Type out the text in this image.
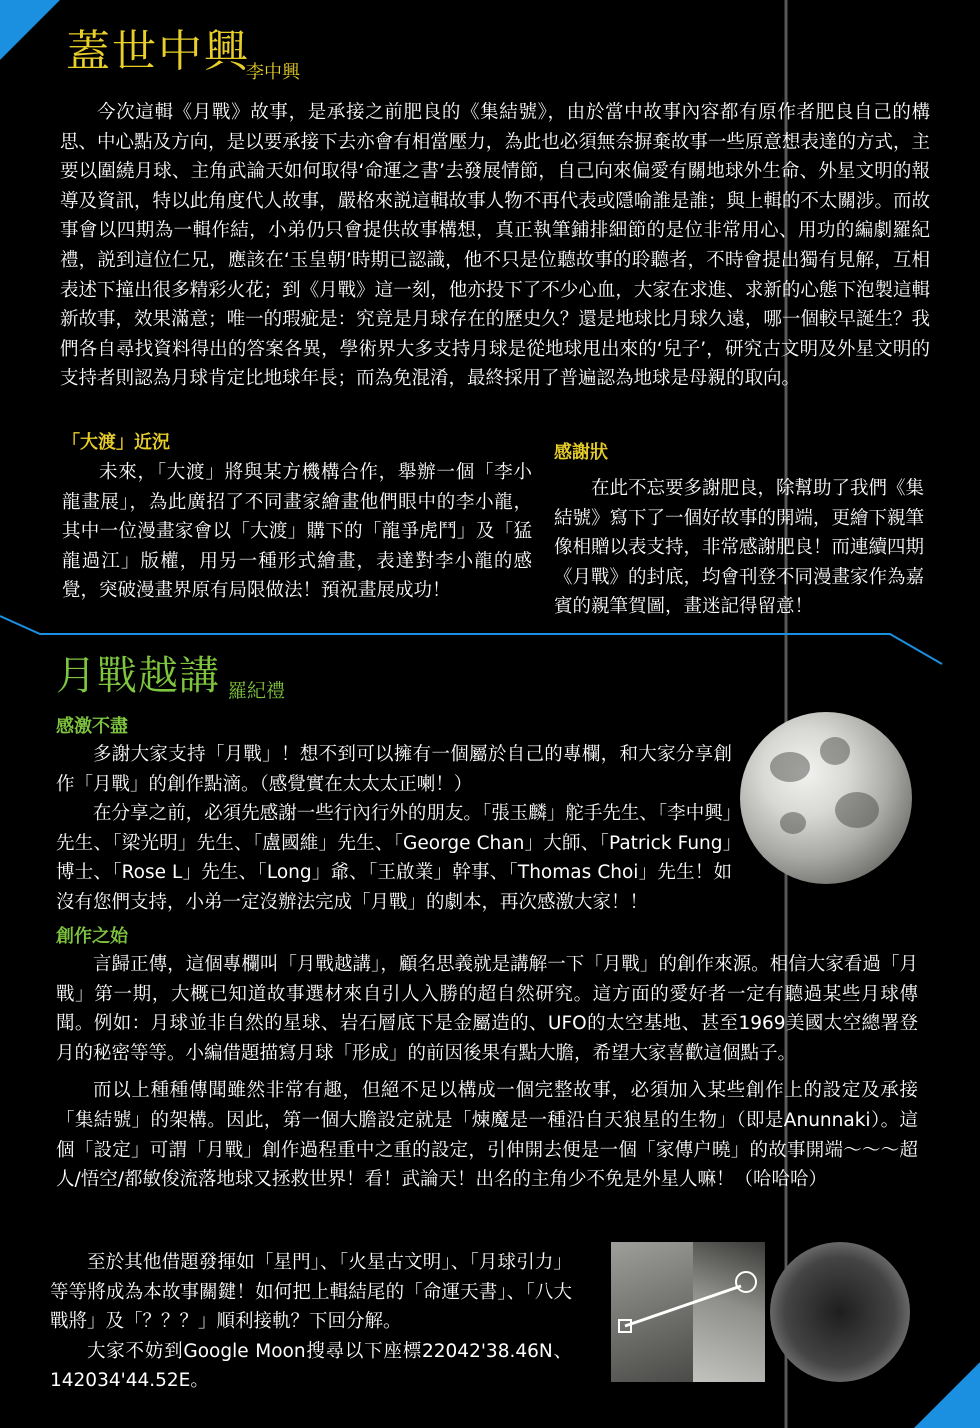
蓋世中興
李中興

今次這輯《月戰》故事，是承接之前肥良的《集結號》，由於當中故事內容都有原作者肥良自己的構思、中心點及方向，是以要承接下去亦會有相當壓力，為此也必須無奈摒棄故事一些原意想表達的方式，主要以圍繞月球、主角武論天如何取得‘命運之書’去發展情節，自己向來偏愛有關地球外生命、外星文明的報導及資訊，特以此角度代人故事，嚴格來説這輯故事人物不再代表或隱喻誰是誰；與上輯的不太關涉。而故事會以四期為一輯作結，小弟仍只會提供故事構想，真正執筆鋪排細節的是位非常用心、用功的編劇羅紀禮，説到這位仁兄，應該在‘玉皇朝’時期已認識，他不只是位聽故事的聆聽者，不時會提出獨有見解，互相表述下撞出很多精彩火花；到《月戰》這一刻，他亦投下了不少心血，大家在求進、求新的心態下泡製這輯新故事，效果滿意；唯一的瑕疵是：究竟是月球存在的歷史久？還是地球比月球久遠，哪一個較早誕生？我們各自尋找資料得出的答案各異，學術界大多支持月球是從地球甩出來的‘兒子’，研究古文明及外星文明的支持者則認為月球肯定比地球年長；而為免混淆，最終採用了普遍認為地球是母親的取向。

「大渡」近況

未來，「大渡」將與某方機構合作，舉辦一個「李小龍畫展」，為此廣招了不同畫家繪畫他們眼中的李小龍，其中一位漫畫家會以「大渡」購下的「龍爭虎鬥」及「猛龍過江」版權，用另一種形式繪畫，表達對李小龍的感覺，突破漫畫界原有局限做法！預祝畫展成功！

感謝狀

在此不忘要多謝肥良，除幫助了我們《集結號》寫下了一個好故事的開端，更繪下親筆像相贈以表支持，非常感謝肥良！而連續四期《月戰》的封底，均會刊登不同漫畫家作為嘉賓的親筆賀圖，畫迷記得留意！

月戰越講 羅紀禮
感激不盡

多謝大家支持「月戰」！想不到可以擁有一個屬於自己的專欄，和大家分享創作「月戰」的創作點滴。（感覺實在太太太正喇！）

在分享之前，必須先感謝一些行內行外的朋友。「張玉麟」舵手先生、「李中興」先生、「梁光明」先生、「盧國維」先生、「George Chan」大師、「Patrick Fung」博士、「Rose L」先生、「Long」爺、「王啟業」幹事、「Thomas Choi」先生！如沒有您們支持，小弟一定沒辦法完成「月戰」的劇本，再次感激大家！！

創作之始

言歸正傳，這個專欄叫「月戰越講」，顧名思義就是講解一下「月戰」的創作來源。相信大家看過「月戰」第一期，大概已知道故事選材來自引人入勝的超自然研究。這方面的愛好者一定有聽過某些月球傳聞。例如：月球並非自然的星球、岩石層底下是金屬造的、UFO的太空基地、甚至1969美國太空總署登月的秘密等等。小編借題描寫月球「形成」的前因後果有點大膽，希望大家喜歡這個點子。

而以上種種傳聞雖然非常有趣，但絕不足以構成一個完整故事，必須加入某些創作上的設定及承接「集結號」的架構。因此，第一個大膽設定就是「煉魔是一種沿自天狼星的生物」（即是Anunnaki）。這個「設定」可謂「月戰」創作過程重中之重的設定，引伸開去便是一個「家傳户曉」的故事開端～～～超人/悟空/都敏俊流落地球又拯救世界！看！武論天！出名的主角少不免是外星人嘛！（哈哈哈）

至於其他借題發揮如「星門」、「火星古文明」、「月球引力」等等將成為本故事關鍵！如何把上輯結尾的「命運天書」、「八大戰將」及「？？？」順利接軌？下回分解。

大家不妨到Google Moon搜尋以下座標22042'38.46N、142034'44.52E。
